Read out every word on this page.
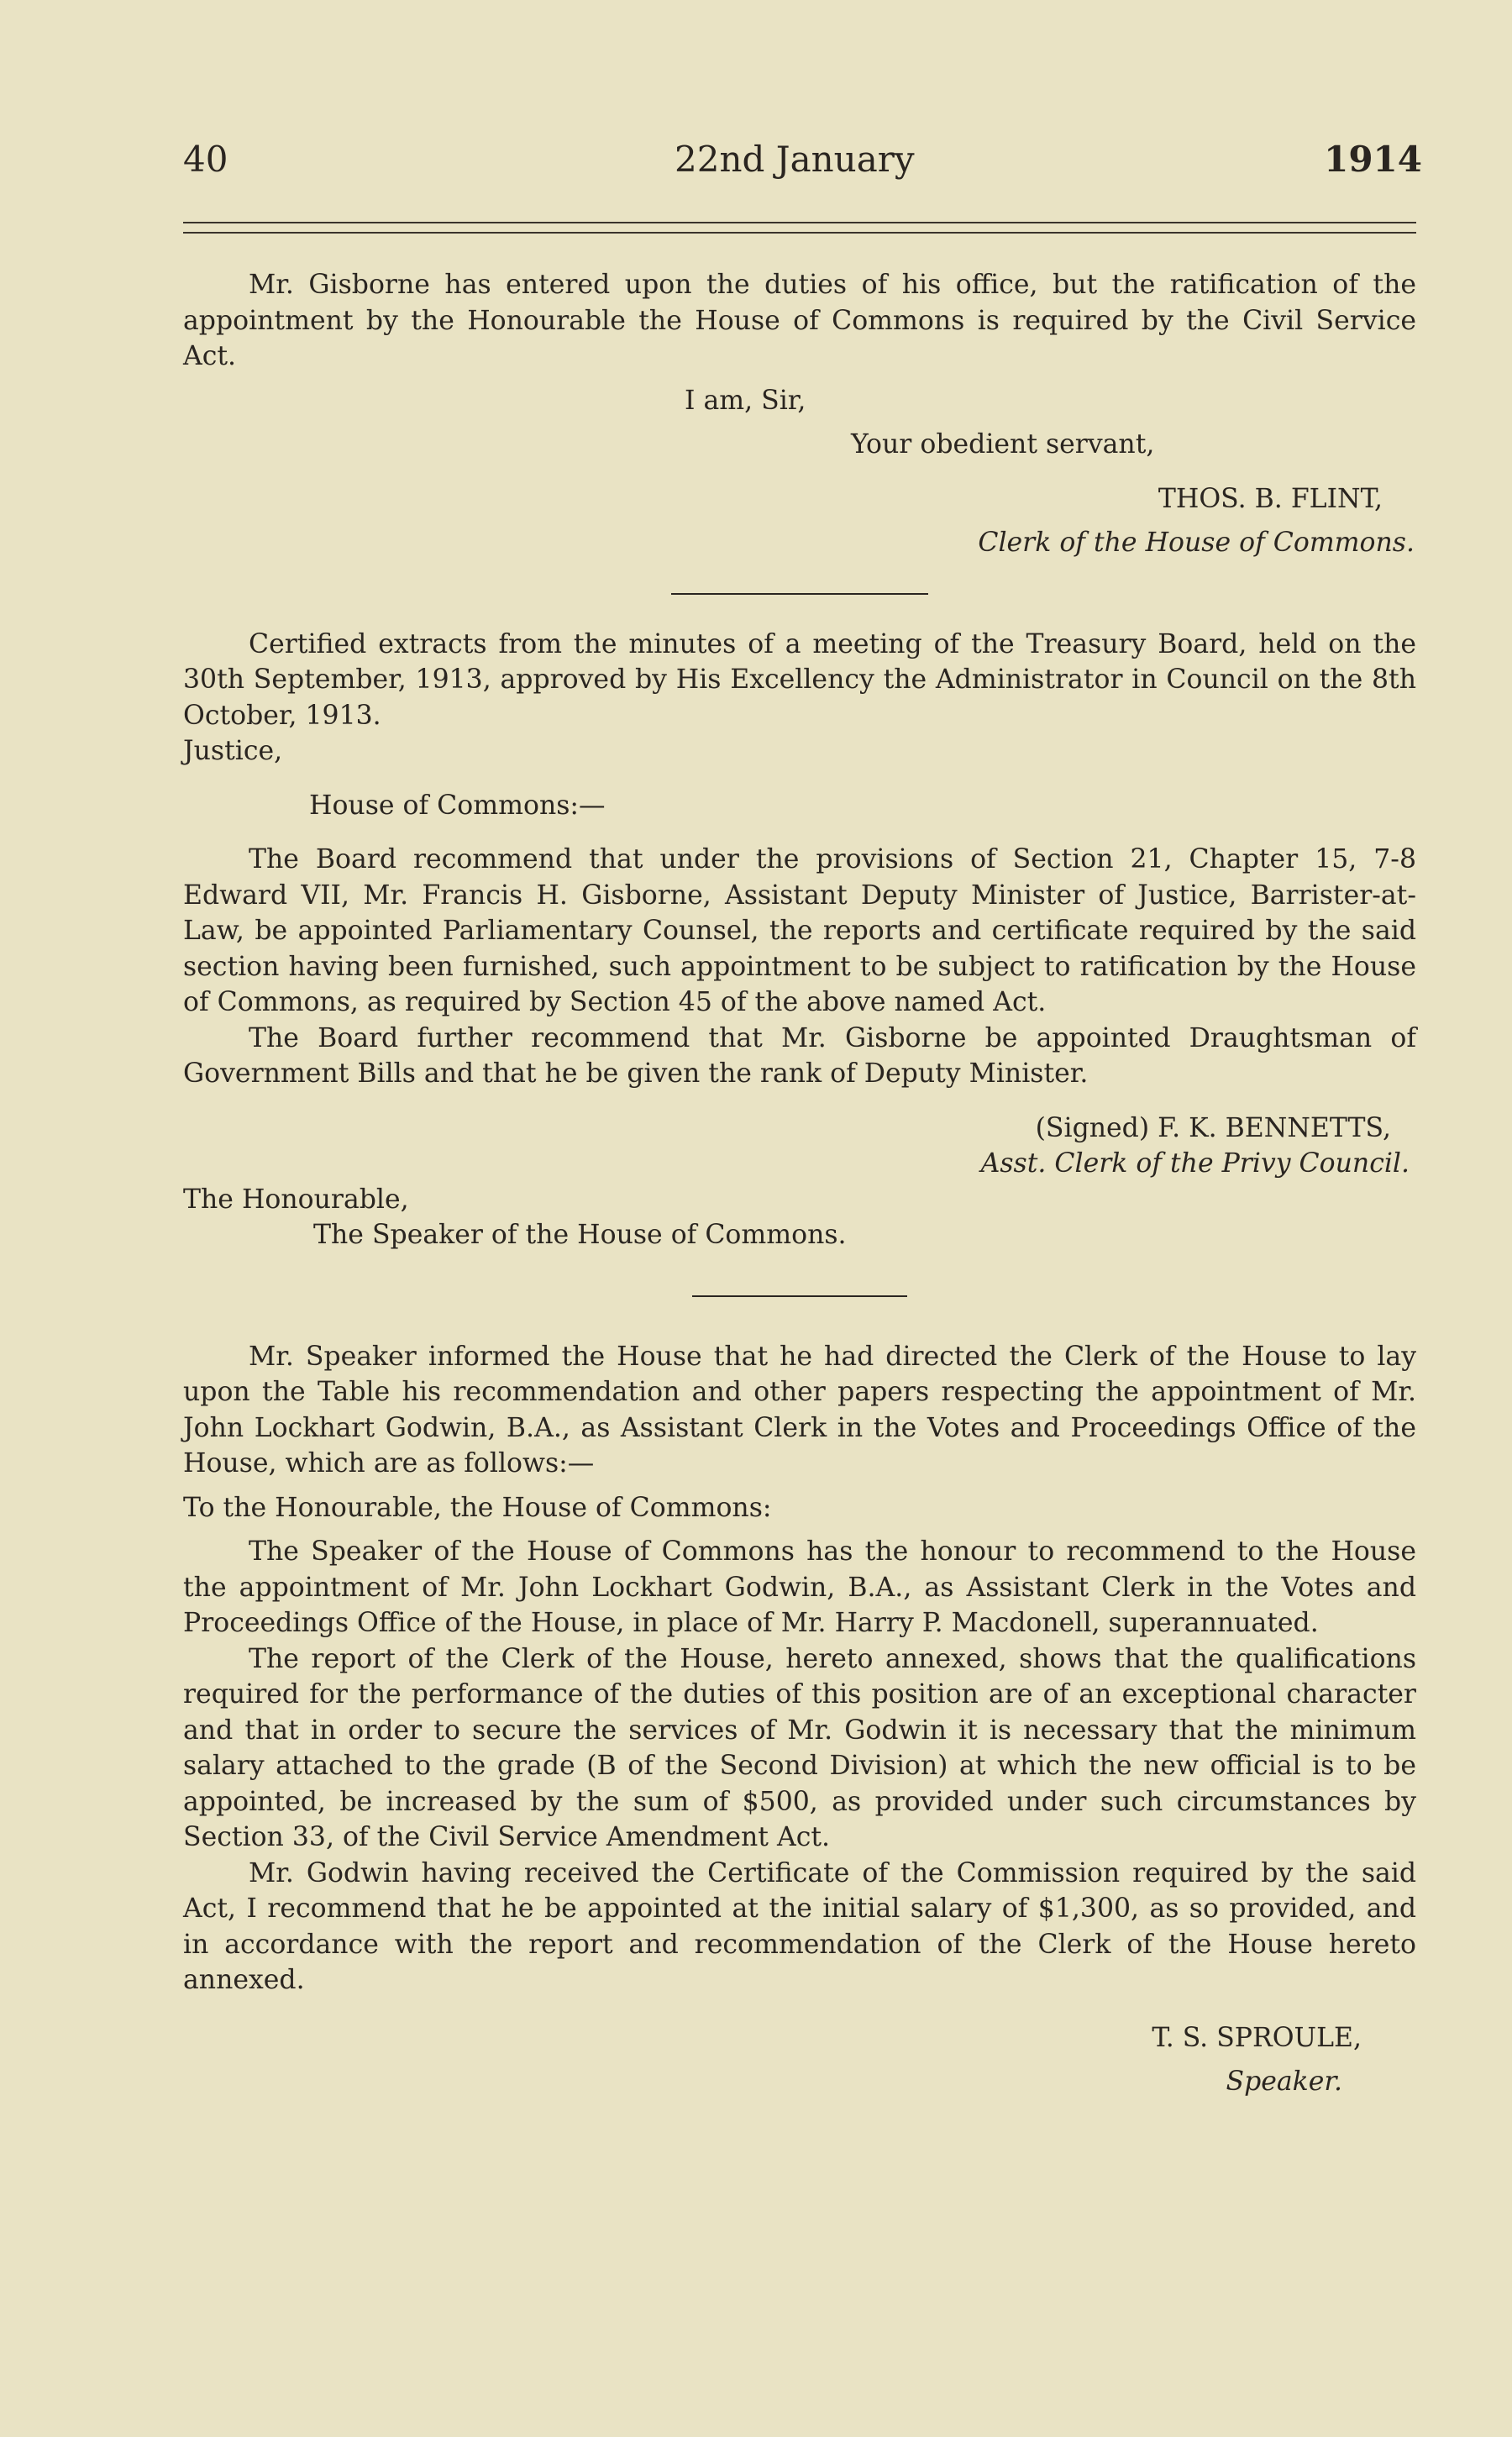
40	22nd January	1914

Mr. Gisborne has entered upon the duties of his office, but the ratification of the appointment by the Honourable the House of Commons is required by the Civil Service Act.

I am, Sir,

Your obedient servant,

THOS. B. FLINT,

Clerk of the House of Commons.

Certified extracts from the minutes of a meeting of the Treasury Board, held on the 30th September, 1913, approved by His Excellency the Administrator in Council on the 8th October, 1913.

Justice,

House of Commons:—

The Board recommend that under the provisions of Section 21, Chapter 15, 7-8 Edward VII, Mr. Francis H. Gisborne, Assistant Deputy Minister of Justice, Barrister-at-Law, be appointed Parliamentary Counsel, the reports and certificate required by the said section having been furnished, such appointment to be subject to ratification by the House of Commons, as required by Section 45 of the above named Act.

The Board further recommend that Mr. Gisborne be appointed Draughtsman of Government Bills and that he be given the rank of Deputy Minister.

(Signed) F. K. BENNETTS,

Asst. Clerk of the Privy Council.

The Honourable,

The Speaker of the House of Commons.

Mr. Speaker informed the House that he had directed the Clerk of the House to lay upon the Table his recommendation and other papers respecting the appointment of Mr. John Lockhart Godwin, B.A., as Assistant Clerk in the Votes and Proceedings Office of the House, which are as follows:—

To the Honourable, the House of Commons:

The Speaker of the House of Commons has the honour to recommend to the House the appointment of Mr. John Lockhart Godwin, B.A., as Assistant Clerk in the Votes and Proceedings Office of the House, in place of Mr. Harry P. Macdonell, superannuated.

The report of the Clerk of the House, hereto annexed, shows that the qualifications required for the performance of the duties of this position are of an exceptional character and that in order to secure the services of Mr. Godwin it is necessary that the minimum salary attached to the grade (B of the Second Division) at which the new official is to be appointed, be increased by the sum of $500, as provided under such circumstances by Section 33, of the Civil Service Amendment Act.

Mr. Godwin having received the Certificate of the Commission required by the said Act, I recommend that he be appointed at the initial salary of $1,300, as so provided, and in accordance with the report and recommendation of the Clerk of the House hereto annexed.

T. S. SPROULE,

Speaker.
